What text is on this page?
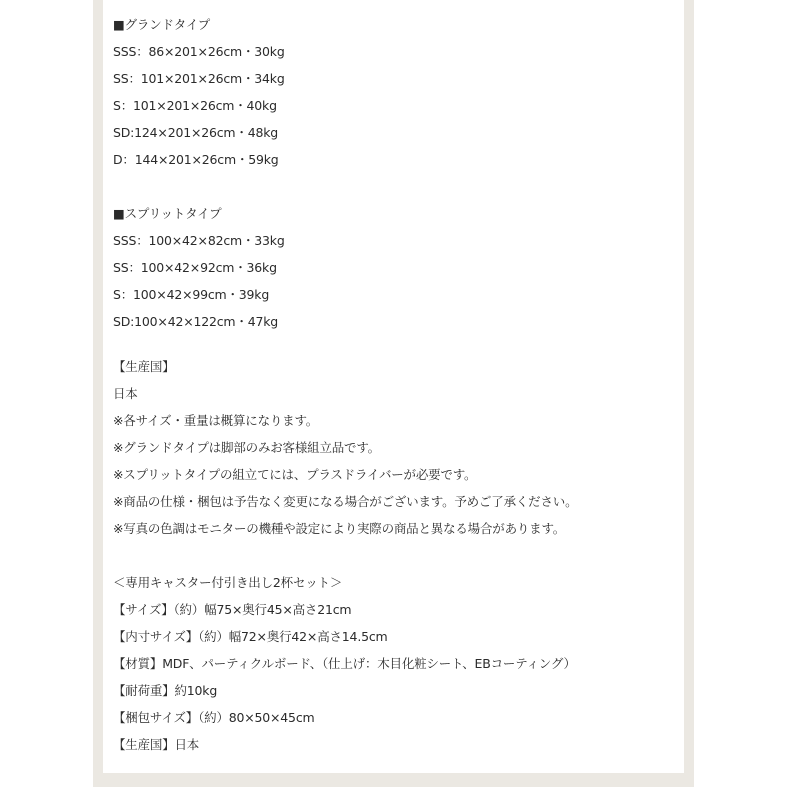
■グランドタイプ
SSS：86×201×26cm・30kg
SS：101×201×26cm・34kg
S：101×201×26cm・40kg
SD:124×201×26cm・48kg
D：144×201×26cm・59kg
■スプリットタイプ
SSS：100×42×82cm・33kg
SS：100×42×92cm・36kg
S：100×42×99cm・39kg
SD:100×42×122cm・47kg
【生産国】
日本
※各サイズ・重量は概算になります。
※グランドタイプは脚部のみお客様組立品です。
※スプリットタイプの組立てには、プラスドライバーが必要です。
※商品の仕様・梱包は予告なく変更になる場合がございます。予めご了承ください。
※写真の色調はモニターの機種や設定により実際の商品と異なる場合があります。
＜専用キャスター付引き出し2杯セット＞
【サイズ】（約）幅75×奥行45×高さ21cm
【内寸サイズ】（約）幅72×奥行42×高さ14.5cm
【材質】MDF、パーティクルボード、（仕上げ：木目化粧シート、EBコーティング）
【耐荷重】約10kg
【梱包サイズ】（約）80×50×45cm
【生産国】日本
